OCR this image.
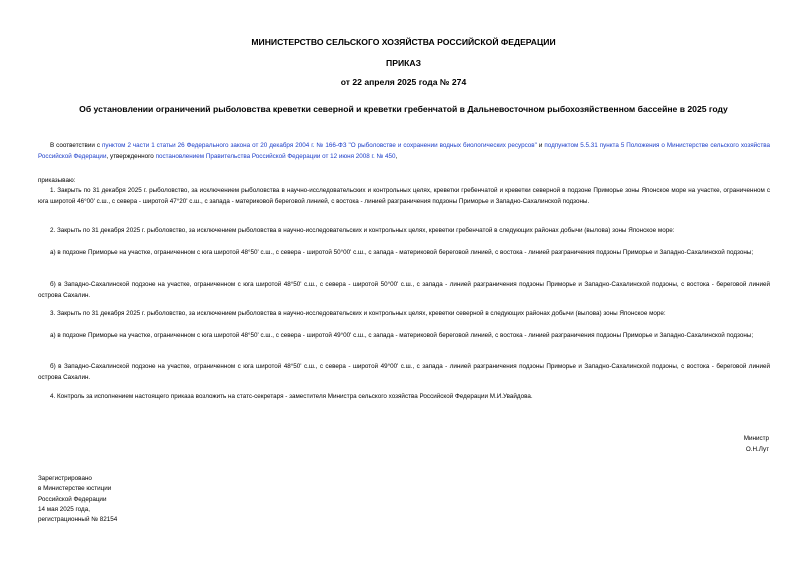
МИНИСТЕРСТВО СЕЛЬСКОГО ХОЗЯЙСТВА РОССИЙСКОЙ ФЕДЕРАЦИИ
ПРИКАЗ
от 22 апреля 2025 года № 274
Об установлении ограничений рыболовства креветки северной и креветки гребенчатой в Дальневосточном рыбохозяйственном бассейне в 2025 году
В соответствии с пунктом 2 части 1 статьи 26 Федерального закона от 20 декабря 2004 г. № 166-ФЗ "О рыболовстве и сохранении водных биологических ресурсов" и подпунктом 5.5.31 пункта 5 Положения о Министерстве сельского хозяйства Российской Федерации, утвержденного постановлением Правительства Российской Федерации от 12 июня 2008 г. № 450,
приказываю:
1. Закрыть по 31 декабря 2025 г. рыболовство, за исключением рыболовства в научно-исследовательских и контрольных целях, креветки гребенчатой и креветки северной в подзоне Приморье зоны Японское море на участке, ограниченном с юга широтой 46°00' с.ш., с севера - широтой 47°20' с.ш., с запада - материковой береговой линией, с востока - линией разграничения подзоны Приморье и Западно-Сахалинской подзоны.
2. Закрыть по 31 декабря 2025 г. рыболовство, за исключением рыболовства в научно-исследовательских и контрольных целях, креветки гребенчатой в следующих районах добычи (вылова) зоны Японское море:
а) в подзоне Приморье на участке, ограниченном с юга широтой 48°50' с.ш., с севера - широтой 50°00' с.ш., с запада - материковой береговой линией, с востока - линией разграничения подзоны Приморье и Западно-Сахалинской подзоны;
б) в Западно-Сахалинской подзоне на участке, ограниченном с юга широтой 48°50' с.ш., с севера - широтой 50°00' с.ш., с запада - линией разграничения подзоны Приморье и Западно-Сахалинской подзоны, с востока - береговой линией острова Сахалин.
3. Закрыть по 31 декабря 2025 г. рыболовство, за исключением рыболовства в научно-исследовательских и контрольных целях, креветки северной в следующих районах добычи (вылова) зоны Японское море:
а) в подзоне Приморье на участке, ограниченном с юга широтой 48°50' с.ш., с севера - широтой 49°00' с.ш., с запада - материковой береговой линией, с востока - линией разграничения подзоны Приморье и Западно-Сахалинской подзоны;
б) в Западно-Сахалинской подзоне на участке, ограниченном с юга широтой 48°50' с.ш., с севера - широтой 49°00' с.ш., с запада - линией разграничения подзоны Приморье и Западно-Сахалинской подзоны, с востока - береговой линией острова Сахалин.
4. Контроль за исполнением настоящего приказа возложить на статс-секретаря - заместителя Министра сельского хозяйства Российской Федерации М.И.Увайдова.
Министр
О.Н.Лут
Зарегистрировано
в Министерстве юстиции
Российской Федерации
14 мая 2025 года,
регистрационный № 82154
